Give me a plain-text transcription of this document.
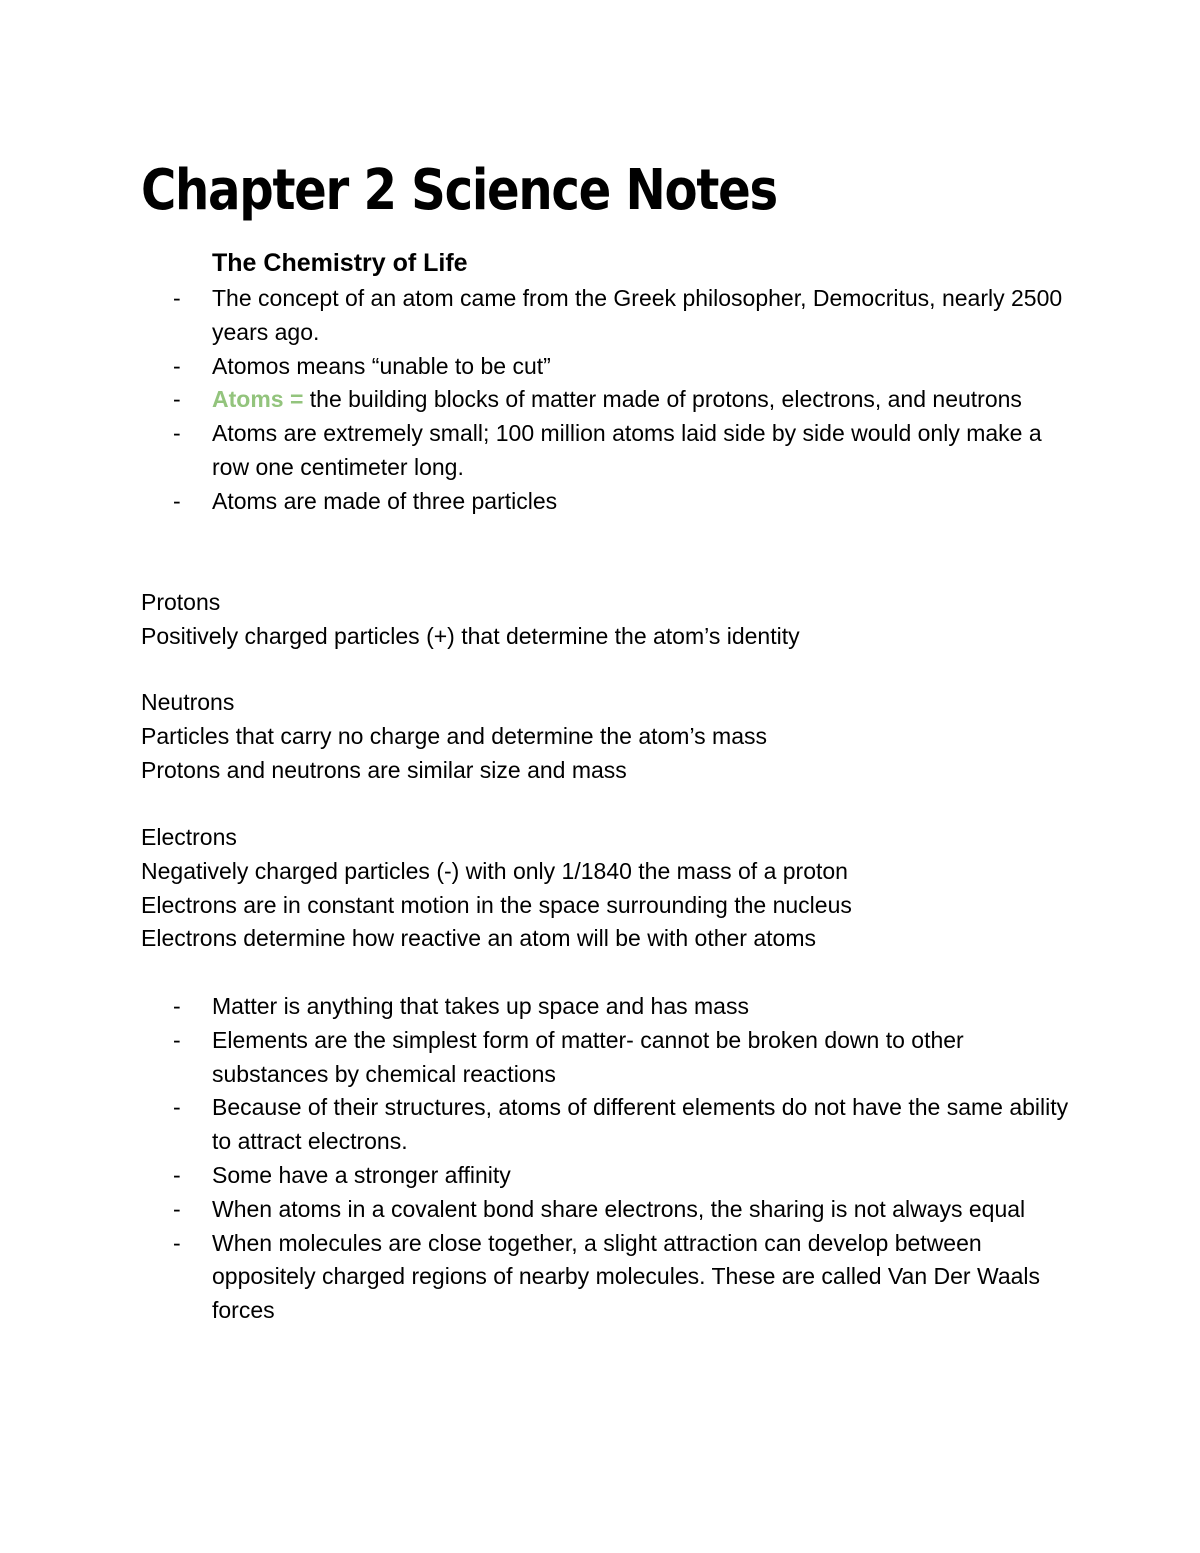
Chapter 2 Science Notes
The Chemistry of Life
- The concept of an atom came from the Greek philosopher, Democritus, nearly 2500 years ago.
- Atomos means “unable to be cut”
- Atoms = the building blocks of matter made of protons, electrons, and neutrons
- Atoms are extremely small; 100 million atoms laid side by side would only make a row one centimeter long.
- Atoms are made of three particles

Protons

Positively charged particles (+) that determine the atom’s identity

Neutrons

Particles that carry no charge and determine the atom’s mass

Protons and neutrons are similar size and mass

Electrons

Negatively charged particles (-) with only 1/1840 the mass of a proton

Electrons are in constant motion in the space surrounding the nucleus

Electrons determine how reactive an atom will be with other atoms

- Matter is anything that takes up space and has mass
- Elements are the simplest form of matter- cannot be broken down to other substances by chemical reactions
- Because of their structures, atoms of different elements do not have the same ability to attract electrons.
- Some have a stronger affinity
- When atoms in a covalent bond share electrons, the sharing is not always equal
- When molecules are close together, a slight attraction can develop between oppositely charged regions of nearby molecules. These are called Van Der Waals forces
